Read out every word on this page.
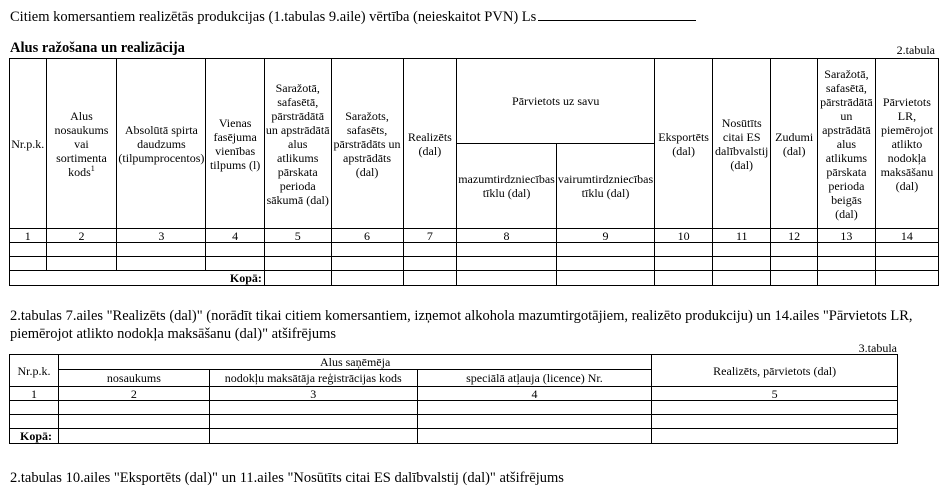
Citiem komersantiem realizētās produkcijas (1.tabulas 9.aile) vērtība (neieskaitot PVN) Ls
Alus ražošana un realizācija	2.tabula
Nr.p.k.	Alus nosaukums vai sortimenta kods$^1$	Absolūtā spirta daudzums (tilpumprocentos)	Vienas fasējuma vienības tilpums (l)	Saražotā, safasētā, pārstrādātā un apstrādātā alus atlikums pārskata perioda sākumā (dal)	Saražots, safasēts, pārstrādāts un apstrādāts (dal)	Realizēts (dal)	Pārvietots uz savu		Eksportēts (dal)	Nosūtīts citai ES dalībvalstij (dal)	Zudumi (dal)	Saražotā, safasētā, pārstrādātā un apstrādātā alus atlikums pārskata perioda beigās (dal)	Pārvietots LR, piemērojot atlikto nodokļa maksāšanu (dal)
							mazumtirdzniecības tīklu (dal)	vairumtirdzniecības tīklu (dal)					
1	2	3	4	5	6	7	8	9	10	11	12	13	14

Kopā:													
2.tabulas 7.ailes "Realizēts (dal)" (norādīt tikai citiem komersantiem, izņemot alkohola mazumtirgotājiem, realizēto produkciju) un 14.ailes "Pārvietots LR, piemērojot atlikto nodokļa maksāšanu (dal)" atšifrējums
3.tabula
Nr.p.k.	Alus saņēmēja			Realizēts, pārvietots (dal)
	nosaukums	nodokļu maksātāja reģistrācijas kods	speciālā atļauja (licence) Nr.	
1	2	3	4	5

Kopā:				
2.tabulas 10.ailes "Eksportēts (dal)" un 11.ailes "Nosūtīts citai ES dalībvalstij (dal)" atšifrējums
